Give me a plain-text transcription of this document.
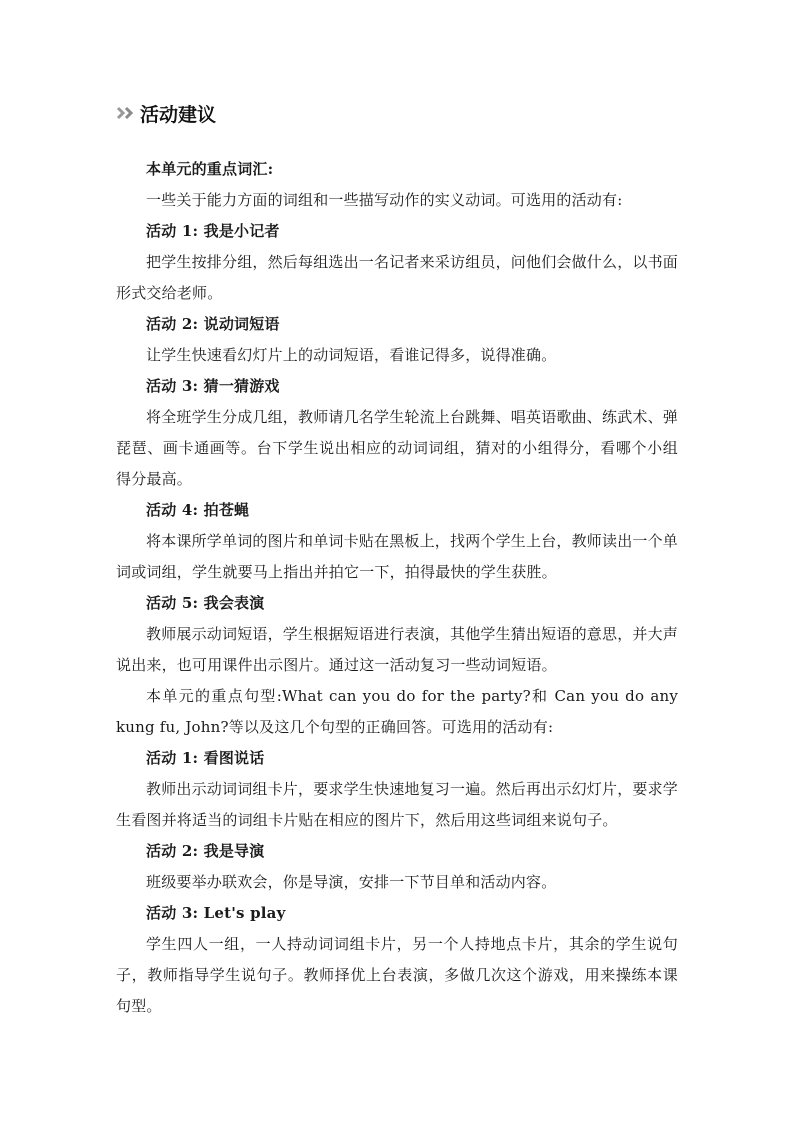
活动建议

本单元的重点词汇:

一些关于能力方面的词组和一些描写动作的实义动词。可选用的活动有:

活动 1: 我是小记者

把学生按排分组，然后每组选出一名记者来采访组员，问他们会做什么，以书面形式交给老师。

活动 2: 说动词短语

让学生快速看幻灯片上的动词短语，看谁记得多，说得准确。

活动 3: 猜一猜游戏

将全班学生分成几组，教师请几名学生轮流上台跳舞、唱英语歌曲、练武术、弹琵琶、画卡通画等。台下学生说出相应的动词词组，猜对的小组得分，看哪个小组得分最高。

活动 4: 拍苍蝇

将本课所学单词的图片和单词卡贴在黑板上，找两个学生上台，教师读出一个单词或词组，学生就要马上指出并拍它一下，拍得最快的学生获胜。

活动 5: 我会表演

教师展示动词短语，学生根据短语进行表演，其他学生猜出短语的意思，并大声说出来，也可用课件出示图片。通过这一活动复习一些动词短语。

本单元的重点句型:What can you do for the party?和 Can you do any kung fu, John?等以及这几个句型的正确回答。可选用的活动有:

活动 1: 看图说话

教师出示动词词组卡片，要求学生快速地复习一遍。然后再出示幻灯片，要求学生看图并将适当的词组卡片贴在相应的图片下，然后用这些词组来说句子。

活动 2: 我是导演

班级要举办联欢会，你是导演，安排一下节目单和活动内容。

活动 3: Let's play

学生四人一组，一人持动词词组卡片，另一个人持地点卡片，其余的学生说句子，教师指导学生说句子。教师择优上台表演，多做几次这个游戏，用来操练本课句型。
